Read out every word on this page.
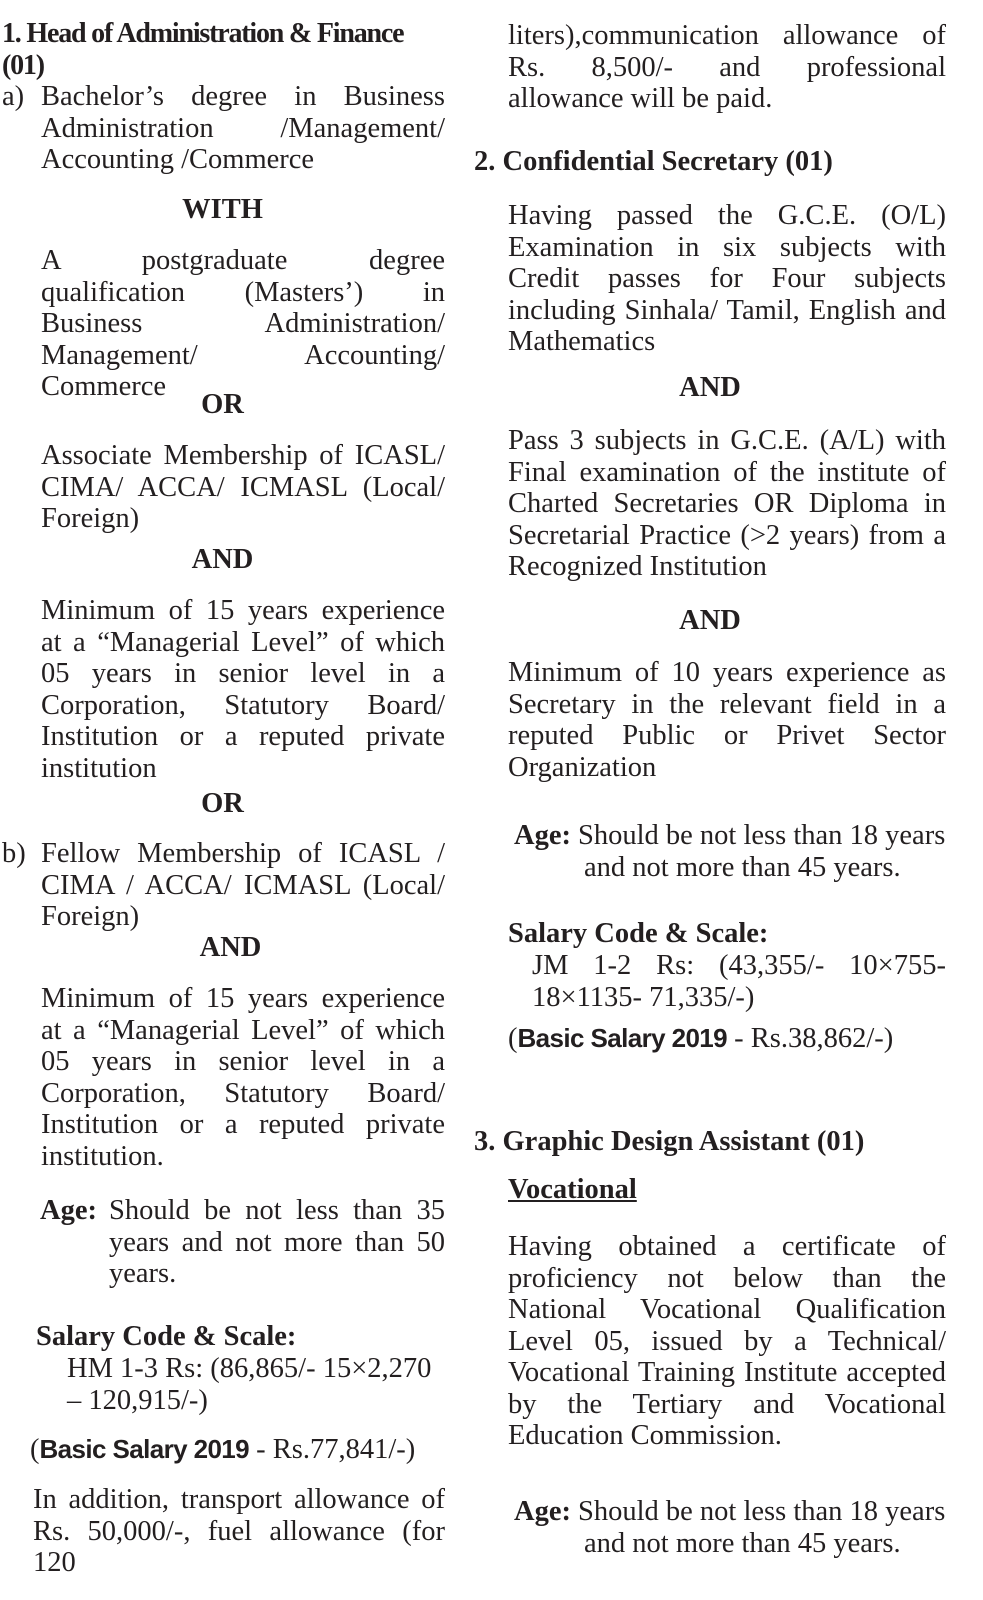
1. Head of Administration & Finance (01)
a) Bachelor’s degree in Business Administration /Management/ Accounting /Commerce

WITH

A postgraduate degree qualification (Masters’) in Business Administration/ Management/ Accounting/ Commerce

OR

Associate Membership of ICASL/ CIMA/ ACCA/ ICMASL (Local/ Foreign)

AND

Minimum of 15 years experience at a “Managerial Level” of which 05 years in senior level in a Corporation, Statutory Board/ Institution or a reputed private institution

OR

b) Fellow Membership of ICASL / CIMA / ACCA/ ICMASL (Local/ Foreign)

AND

Minimum of 15 years experience at a “Managerial Level” of which 05 years in senior level in a Corporation, Statutory Board/ Institution or a reputed private institution.

Age: Should be not less than 35 years and not more than 50 years.

Salary Code & Scale:

HM 1-3 Rs: (86,865/- 15×2,270 – 120,915/-)

(Basic Salary 2019 - Rs.77,841/-)

In addition, transport allowance of Rs. 50,000/-, fuel allowance (for 120

liters),communication allowance of Rs. 8,500/- and professional allowance will be paid.

2. Confidential Secretary (01)

Having passed the G.C.E. (O/L) Examination in six subjects with Credit passes for Four subjects including Sinhala/ Tamil, English and Mathematics

AND

Pass 3 subjects in G.C.E. (A/L) with Final examination of the institute of Charted Secretaries OR Diploma in Secretarial Practice (>2 years) from a Recognized Institution

AND

Minimum of 10 years experience as Secretary in the relevant field in a reputed Public or Privet Sector Organization

Age: Should be not less than 18 years

and not more than 45 years.

Salary Code & Scale:

JM 1-2 Rs: (43,355/- 10×755- 18×1135- 71,335/-)

(Basic Salary 2019 - Rs.38,862/-)

3. Graphic Design Assistant (01)
Vocational

Having obtained a certificate of proficiency not below than the National Vocational Qualification Level 05, issued by a Technical/ Vocational Training Institute accepted by the Tertiary and Vocational Education Commission.

Age: Should be not less than 18 years

and not more than 45 years.
